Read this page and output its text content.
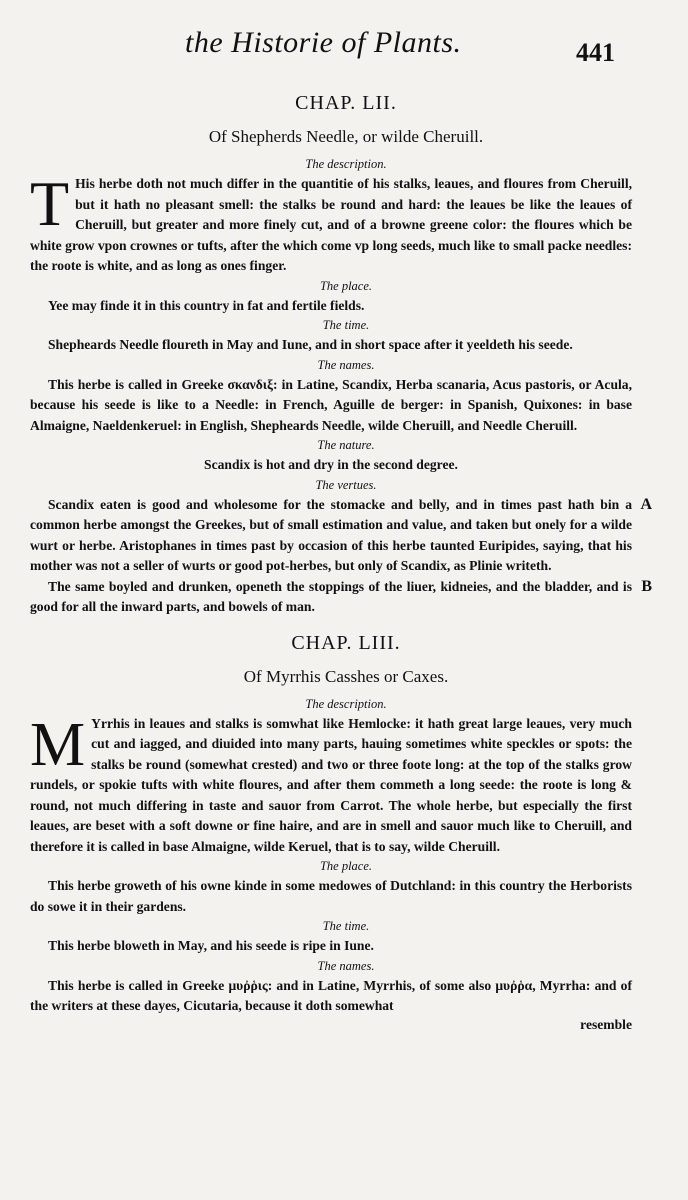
the Historie of Plants.	441
CHAP. LII.
Of Shepherds Needle, or wilde Cheruill.
The description.

T His herbe doth not much differ in the quantitie of his stalks, leaues, and floures from Cheruill, but it hath no pleasant smell: the stalks be round and hard: the leaues be like the leaues of Cheruill, but greater and more finely cut, and of a browne greene color: the floures which be white grow vpon crownes or tufts, after the which come vp long seeds, much like to small packe needles: the roote is white, and as long as ones finger.

The place.

Yee may finde it in this country in fat and fertile fields.

The time.

Shepheards Needle floureth in May and Iune, and in short space after it yeeldeth his seede.

The names.

This herbe is called in Greeke σκανδιξ: in Latine, Scandix, Herba scanaria, Acus pastoris, or Acula, because his seede is like to a Needle: in French, Aguille de berger: in Spanish, Quixones: in base Almaigne, Naeldenkeruel: in English, Shepheards Needle, wilde Cheruill, and Needle Cheruill.

The nature.

Scandix is hot and dry in the second degree.

The vertues.

Scandix eaten is good and wholesome for the stomacke and belly, and in times past hath bin a common herbe amongst the Greekes, but of small estimation and value, and taken but onely for a wilde wurt or herbe. Aristophanes in times past by occasion of this herbe taunted Euripides, saying, that his mother was not a seller of wurts or good pot-herbes, but only of Scandix, as Plinie writeth.
A

The same boyled and drunken, openeth the stoppings of the liuer, kidneies, and the bladder, and is good for all the inward parts, and bowels of man.
B

CHAP. LIII.
Of Myrrhis Casshes or Caxes.
The description.

M Yrrhis in leaues and stalks is somwhat like Hemlocke: it hath great large leaues, very much cut and iagged, and diuided into many parts, hauing sometimes white speckles or spots: the stalks be round (somewhat crested) and two or three foote long: at the top of the stalks grow rundels, or spokie tufts with white floures, and after them commeth a long seede: the roote is long & round, not much differing in taste and sauor from Carrot. The whole herbe, but especially the first leaues, are beset with a soft downe or fine haire, and are in smell and sauor much like to Cheruill, and therefore it is called in base Almaigne, wilde Keruel, that is to say, wilde Cheruill.

The place.

This herbe groweth of his owne kinde in some medowes of Dutchland: in this country the Herborists do sowe it in their gardens.

The time.

This herbe bloweth in May, and his seede is ripe in Iune.

The names.

This herbe is called in Greeke μυῤῥις: and in Latine, Myrrhis, of some also μυῤῥα, Myrrha: and of the writers at these dayes, Cicutaria, because it doth somewhat

resemble
